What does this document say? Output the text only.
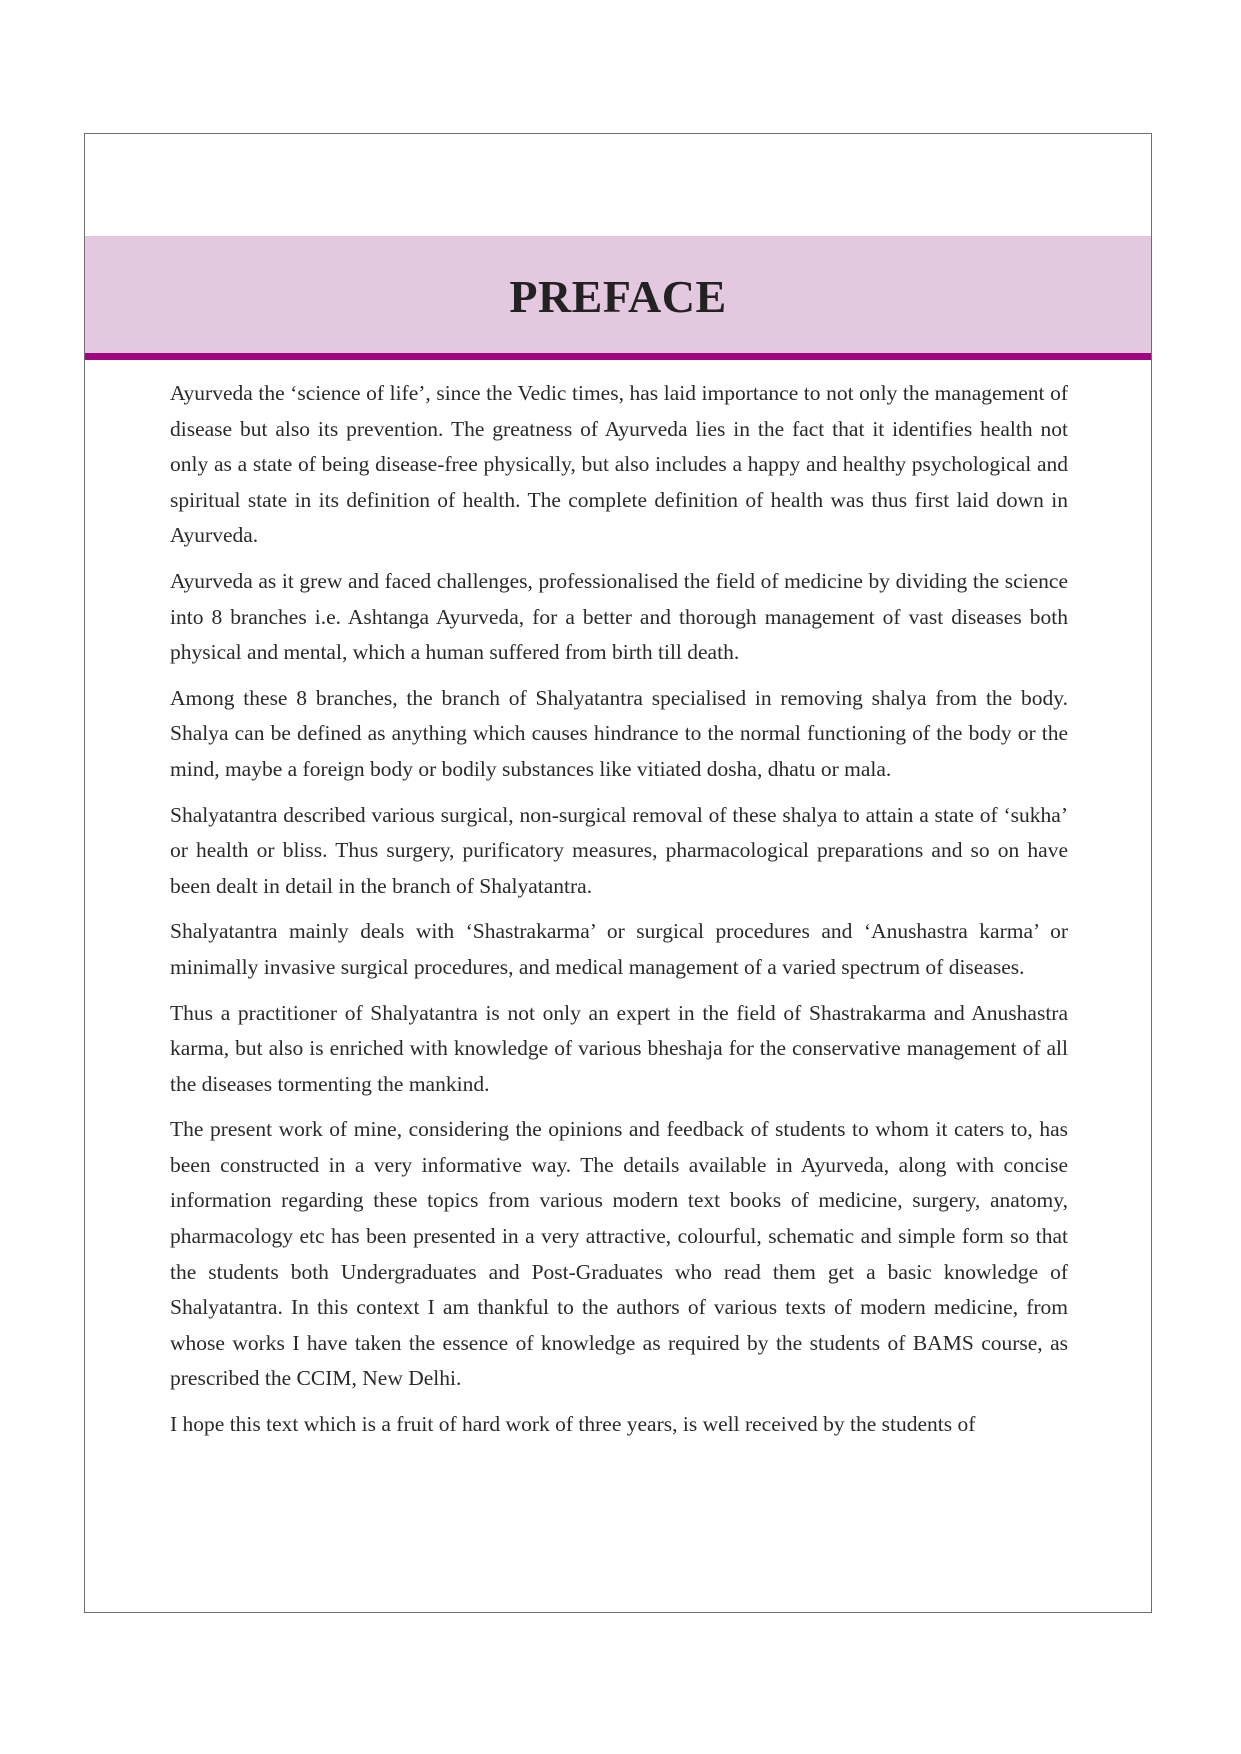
PREFACE

Ayurveda the ‘science of life’, since the Vedic times, has laid importance to not only the management of disease but also its prevention. The greatness of Ayurveda lies in the fact that it identifies health not only as a state of being disease-free physically, but also includes a happy and healthy psychological and spiritual state in its definition of health. The complete definition of health was thus first laid down in Ayurveda.

Ayurveda as it grew and faced challenges, professionalised the field of medicine by dividing the science into 8 branches i.e. Ashtanga Ayurveda, for a better and thorough management of vast diseases both physical and mental, which a human suffered from birth till death.

Among these 8 branches, the branch of Shalyatantra specialised in removing shalya from the body. Shalya can be defined as anything which causes hindrance to the normal functioning of the body or the mind, maybe a foreign body or bodily substances like vitiated dosha, dhatu or mala.

Shalyatantra described various surgical, non-surgical removal of these shalya to attain a state of ‘sukha’ or health or bliss. Thus surgery, purificatory measures, pharmacological preparations and so on have been dealt in detail in the branch of Shalyatantra.

Shalyatantra mainly deals with ‘Shastrakarma’ or surgical procedures and ‘Anushastra karma’ or minimally invasive surgical procedures, and medical management of a varied spectrum of diseases.

Thus a practitioner of Shalyatantra is not only an expert in the field of Shastrakarma and Anushastra karma, but also is enriched with knowledge of various bheshaja for the conservative management of all the diseases tormenting the mankind.

The present work of mine, considering the opinions and feedback of students to whom it caters to, has been constructed in a very informative way. The details available in Ayurveda, along with concise information regarding these topics from various modern text books of medicine, surgery, anatomy, pharmacology etc has been presented in a very attractive, colourful, schematic and simple form so that the students both Undergraduates and Post-Graduates who read them get a basic knowledge of Shalyatantra. In this context I am thankful to the authors of various texts of modern medicine, from whose works I have taken the essence of knowledge as required by the students of BAMS course, as prescribed the CCIM, New Delhi.

I hope this text which is a fruit of hard work of three years, is well received by the students of
